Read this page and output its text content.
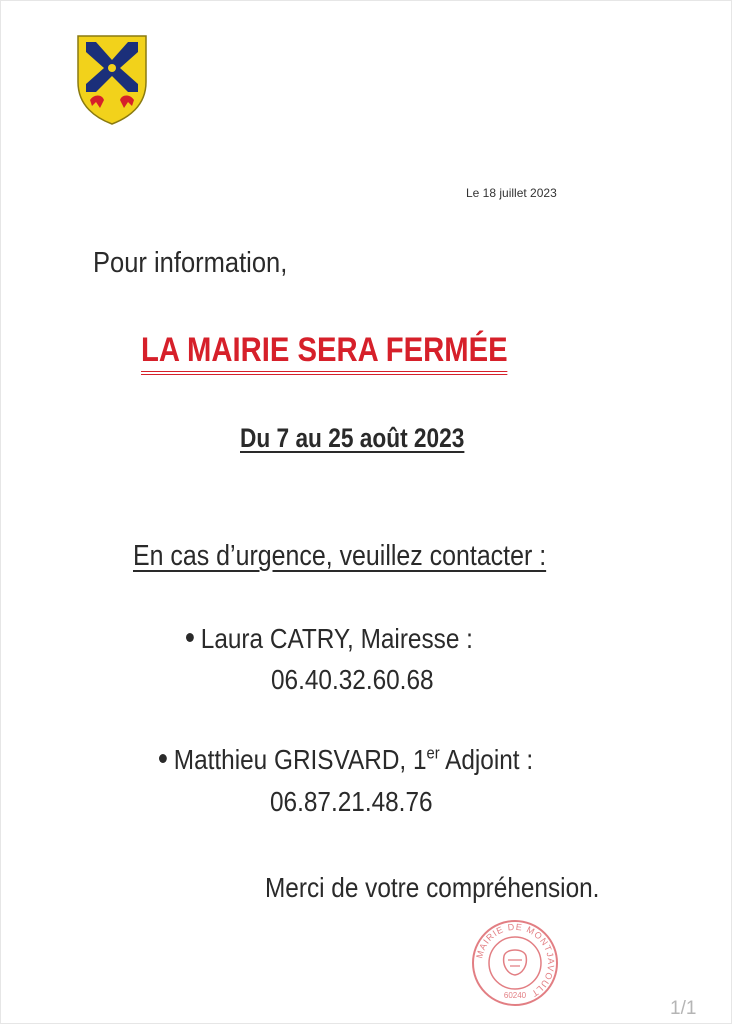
Le 18 juillet 2023
Pour information,
LA MAIRIE SERA FERMÉE
Du 7 au 25 août 2023
En cas d’urgence, veuillez contacter :
Laura CATRY, Mairesse :
06.40.32.60.68
Matthieu GRISVARD, 1er Adjoint :
06.87.21.48.76
Merci de votre compréhension.
MAIRIE DE MONTJAVOULT
60240
1/1
